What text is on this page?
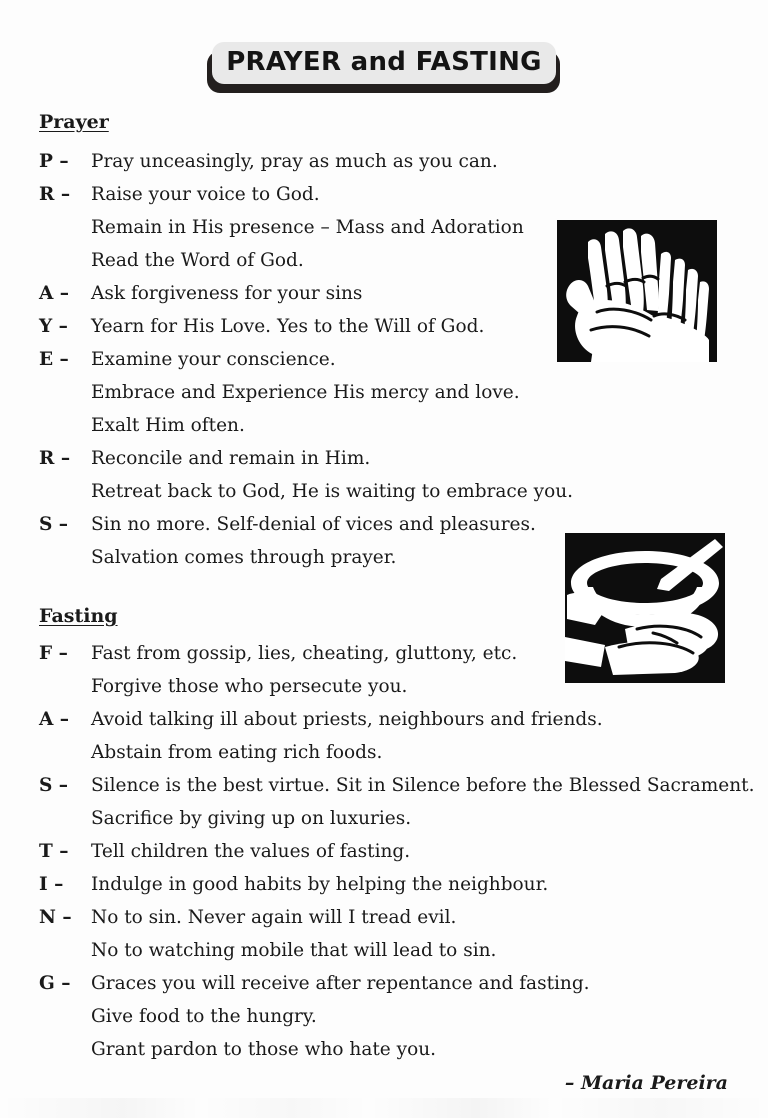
PRAYER and FASTING
Prayer
P –	Pray unceasingly, pray as much as you can.
R –	Raise your voice to God.
Remain in His presence – Mass and Adoration
Read the Word of God.
A –	Ask forgiveness for your sins
Y –	Yearn for His Love. Yes to the Will of God.
E –	Examine your conscience.
Embrace and Experience His mercy and love.
Exalt Him often.
R –	Reconcile and remain in Him.
Retreat back to God, He is waiting to embrace you.
S –	Sin no more. Self-denial of vices and pleasures.
Salvation comes through prayer.
Fasting
F –	Fast from gossip, lies, cheating, gluttony, etc.
Forgive those who persecute you.
A –	Avoid talking ill about priests, neighbours and friends.
Abstain from eating rich foods.
S –	Silence is the best virtue. Sit in Silence before the Blessed Sacrament.
Sacrifice by giving up on luxuries.
T –	Tell children the values of fasting.
I –	Indulge in good habits by helping the neighbour.
N –	No to sin. Never again will I tread evil.
No to watching mobile that will lead to sin.
G –	Graces you will receive after repentance and fasting.
Give food to the hungry.
Grant pardon to those who hate you.
– Maria Pereira
